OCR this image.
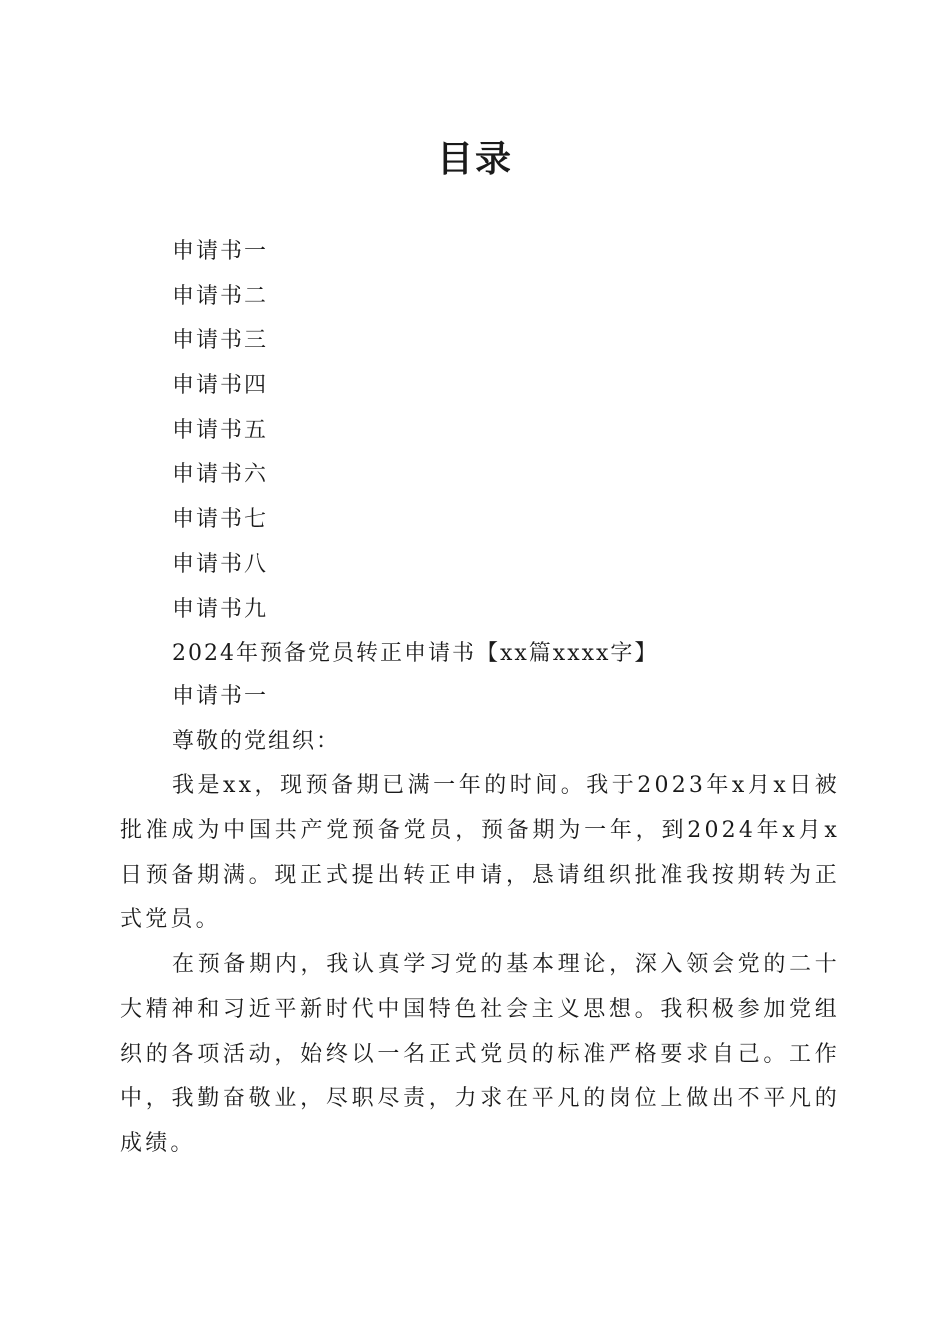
目录
申请书一
申请书二
申请书三
申请书四
申请书五
申请书六
申请书七
申请书八
申请书九
2024年预备党员转正申请书【xx篇xxxx字】
申请书一
尊敬的党组织：

我是xx，现预备期已满一年的时间。我于2023年x月x日被批准成为中国共产党预备党员，预备期为一年，到2024年x月x日预备期满。现正式提出转正申请，恳请组织批准我按期转为正式党员。

在预备期内，我认真学习党的基本理论，深入领会党的二十大精神和习近平新时代中国特色社会主义思想。我积极参加党组织的各项活动，始终以一名正式党员的标准严格要求自己。工作中，我勤奋敬业，尽职尽责，力求在平凡的岗位上做出不平凡的成绩。
